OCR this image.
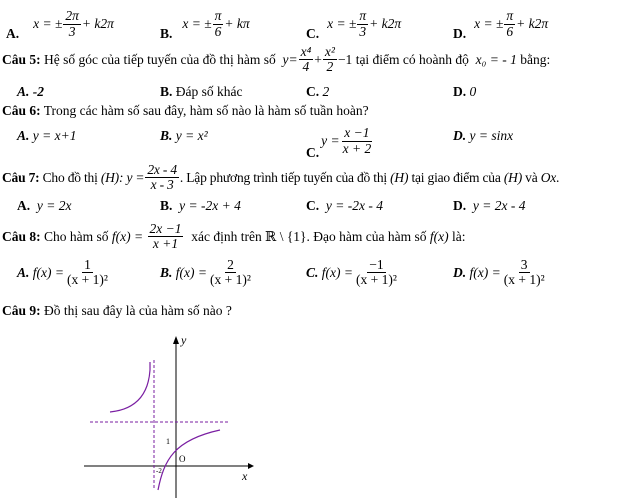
A.
x = ± $\frac{2\pi}{3} + k2\pi$
B.
x = ± $\frac{\pi}{6} + k\pi$
C.
x = ± $\frac{\pi}{3} + k2\pi$
D.
x = ± $\frac{\pi}{6} + k2\pi$
Câu 5:
Hệ số góc của tiếp tuyến của đồ thị hàm số
$y= \frac{\text{x⁴}}{4} + \frac{\text{x²}}{2} -1$
tại điểm có hoành độ
x₀ = - 1
bằng:
A. -2	B. Đáp số khác	C. 2	D. 0
Câu 6: Trong các hàm số sau đây, hàm số nào là hàm số tuần hoàn?
A. y = x+1	B. y = x²
C.
$y = \frac{x -1}{x + 2}$	D. y = sinx
Câu 7:
Cho đồ thị
(H):
$y = \frac{2x - 4}{x - 3}$ . Lập phương trình tiếp tuyến của đồ thị
(H)
tại giao điểm của
(H)
và
Ox .
A. y = 2x	B. y = -2x + 4	C. y = -2x - 4	D. y = 2x - 4
Câu 8:
Cho hàm số
f(x) =
$\frac{2x -1}{x +1}$
xác định trên
ℝ \ {1} . Đạo hàm của hàm số
f(x)
là:
A.
$f(x) = \frac{1}{\text{(x + 1)²}}$	B.
$f(x) = \frac{2}{\text{(x + 1)²}}$	C.
$f(x) = \frac{-1}{\text{(x + 1)²}}$	D.
$f(x) = \frac{3}{\text{(x + 1)²}}$
Câu 9: Đồ thị sau đây là của hàm số nào ?
y
x
O
1
-2
